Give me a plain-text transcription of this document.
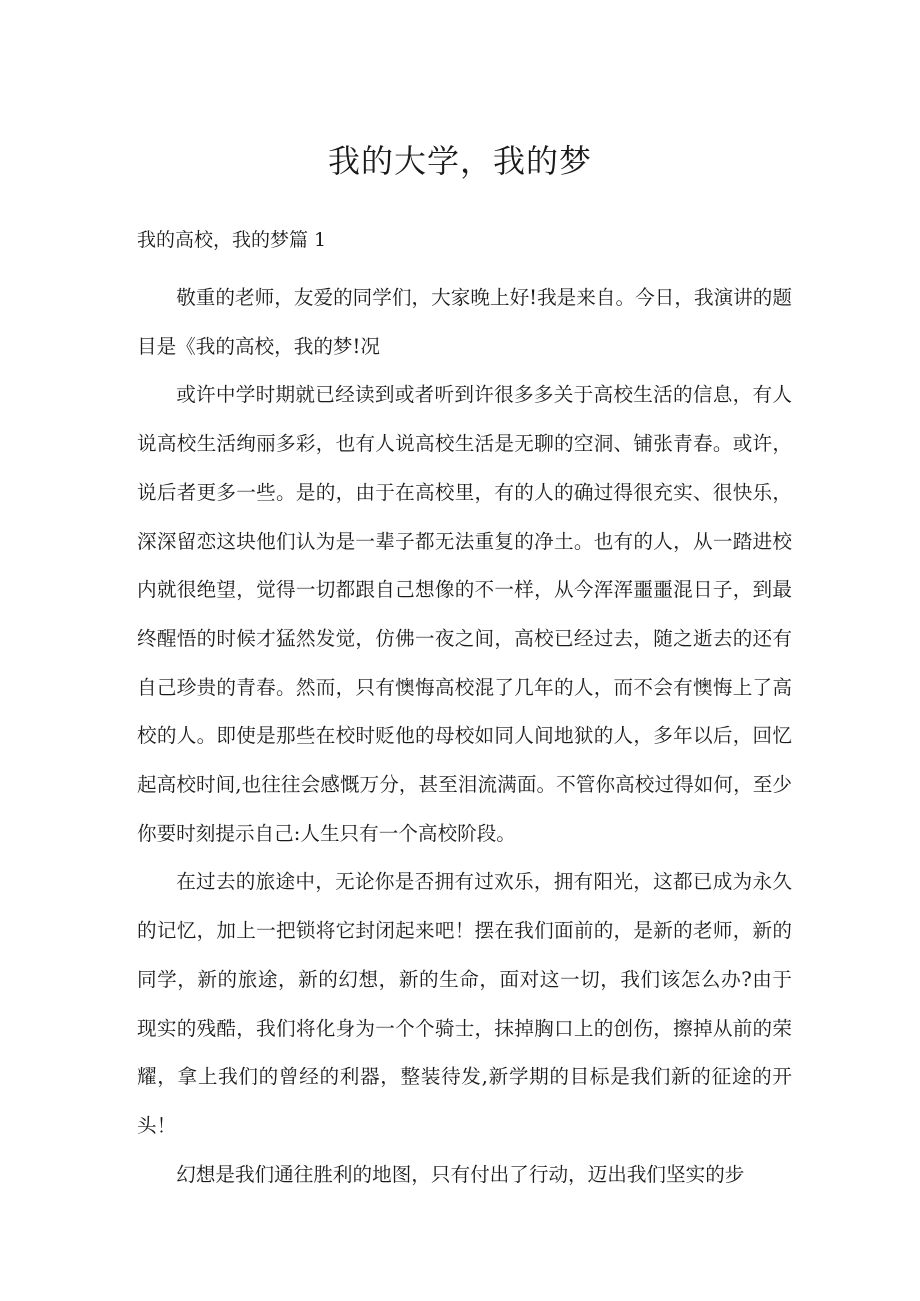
我的大学，我的梦
我的高校，我的梦篇 1

敬重的老师，友爱的同学们，大家晚上好!我是来自。今日，我演讲的题目是《我的高校，我的梦!况

或许中学时期就已经读到或者听到许很多多关于高校生活的信息，有人说高校生活绚丽多彩，也有人说高校生活是无聊的空洞、铺张青春。或许，说后者更多一些。是的，由于在高校里，有的人的确过得很充实、很快乐，深深留恋这块他们认为是一辈子都无法重复的净土。也有的人，从一踏进校内就很绝望，觉得一切都跟自己想像的不一样，从今浑浑噩噩混日子，到最终醒悟的时候才猛然发觉，仿佛一夜之间，高校已经过去，随之逝去的还有自己珍贵的青春。然而，只有懊悔高校混了几年的人，而不会有懊悔上了高校的人。即使是那些在校时贬他的母校如同人间地狱的人，多年以后，回忆起高校时间,也往往会感慨万分，甚至泪流满面。不管你高校过得如何，至少你要时刻提示自己:人生只有一个高校阶段。

在过去的旅途中，无论你是否拥有过欢乐，拥有阳光，这都已成为永久的记忆，加上一把锁将它封闭起来吧！摆在我们面前的，是新的老师，新的同学，新的旅途，新的幻想，新的生命，面对这一切，我们该怎么办?由于现实的残酷，我们将化身为一个个骑士，抹掉胸口上的创伤，擦掉从前的荣耀，拿上我们的曾经的利器，整装待发,新学期的目标是我们新的征途的开头！

幻想是我们通往胜利的地图，只有付出了行动，迈出我们坚实的步
